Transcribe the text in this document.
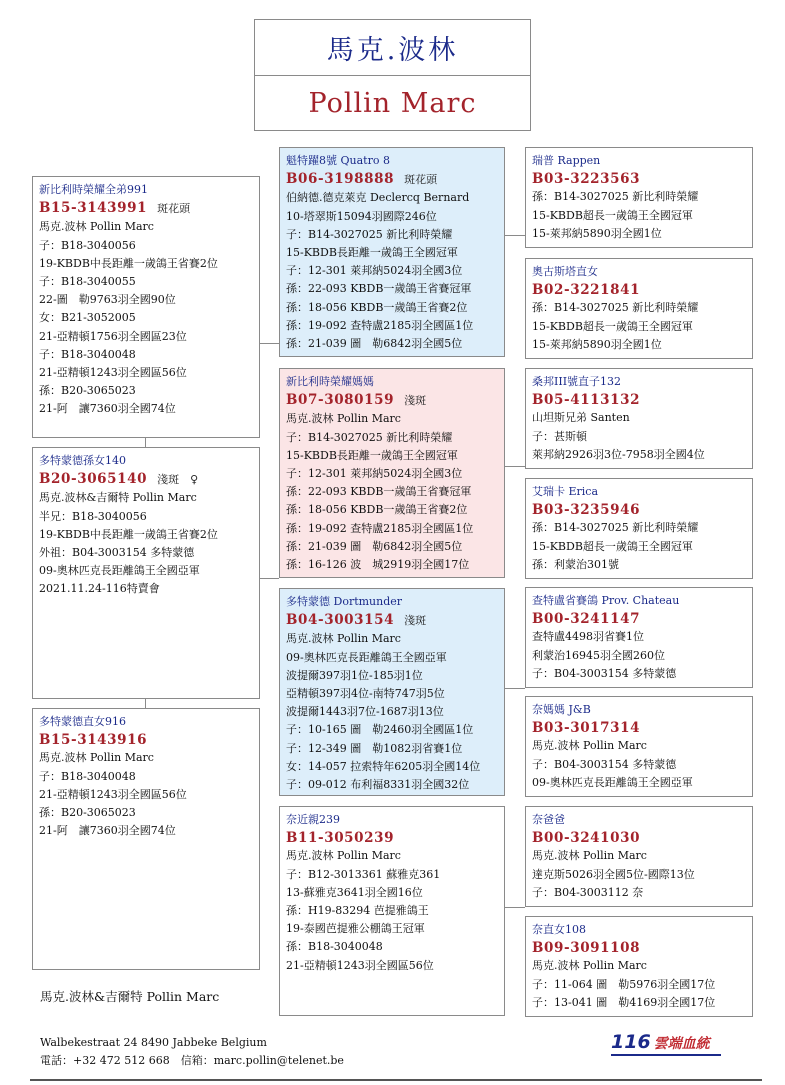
馬克.波林
Pollin Marc
新比利時榮耀全弟991
B15-3143991 斑花頭
馬克.波林 Pollin Marc
子：B18-3040056
19-KBDB中長距離一歲鴿王省賽2位
子：B18-3040055
22-圖　勒9763羽全國90位
女：B21-3052005
21-亞精頓1756羽全國區23位
子：B18-3040048
21-亞精頓1243羽全國區56位
孫：B20-3065023
21-阿　讓7360羽全國74位
多特蒙德孫女140
B20-3065140 淺斑　♀
馬克.波林&吉爾特 Pollin Marc
半兄：B18-3040056
19-KBDB中長距離一歲鴿王省賽2位
外祖：B04-3003154 多特蒙德
09-奧林匹克長距離鴿王全國亞軍
2021.11.24-116特賣會
多特蒙德直女916
B15-3143916
馬克.波林 Pollin Marc
子：B18-3040048
21-亞精頓1243羽全國區56位
孫：B20-3065023
21-阿　讓7360羽全國74位
魁特躍8號 Quatro 8
B06-3198888 斑花頭
伯納德.德克萊克 Declercq Bernard
10-塔翠斯15094羽國際246位
子：B14-3027025 新比利時榮耀
15-KBDB長距離一歲鴿王全國冠軍
子：12-301 萊邦納5024羽全國3位
孫：22-093 KBDB一歲鴿王省賽冠軍
孫：18-056 KBDB一歲鴿王省賽2位
孫：19-092 查特盧2185羽全國區1位
孫：21-039 圖　勒6842羽全國5位
新比利時榮耀媽媽
B07-3080159 淺斑
馬克.波林 Pollin Marc
子：B14-3027025 新比利時榮耀
15-KBDB長距離一歲鴿王全國冠軍
子：12-301 萊邦納5024羽全國3位
孫：22-093 KBDB一歲鴿王省賽冠軍
孫：18-056 KBDB一歲鴿王省賽2位
孫：19-092 查特盧2185羽全國區1位
孫：21-039 圖　勒6842羽全國5位
孫：16-126 波　城2919羽全國17位
多特蒙德 Dortmunder
B04-3003154 淺斑
馬克.波林 Pollin Marc
09-奧林匹克長距離鴿王全國亞軍
波提爾397羽1位-185羽1位
亞精頓397羽4位-南特747羽5位
波提爾1443羽7位-1687羽13位
子：10-165 圖　勒2460羽全國區1位
子：12-349 圖　勒1082羽省賽1位
女：14-057 拉索特年6205羽全國14位
子：09-012 布利福8331羽全國32位
奈近親239
B11-3050239
馬克.波林 Pollin Marc
子：B12-3013361 蘇雅克361
13-蘇雅克3641羽全國16位
孫：H19-83294 芭提雅鴿王
19-泰國芭提雅公棚鴿王冠軍
孫：B18-3040048
21-亞精頓1243羽全國區56位
瑞普 Rappen
B03-3223563
孫：B14-3027025 新比利時榮耀
15-KBDB超長一歲鴿王全國冠軍
15-萊邦納5890羽全國1位
奧古斯塔直女
B02-3221841
孫：B14-3027025 新比利時榮耀
15-KBDB超長一歲鴿王全國冠軍
15-萊邦納5890羽全國1位
桑邦III號直子132
B05-4113132
山坦斯兄弟 Santen
子：甚斯頓
萊邦納2926羽3位-7958羽全國4位
艾瑞卡 Erica
B03-3235946
孫：B14-3027025 新比利時榮耀
15-KBDB超長一歲鴿王全國冠軍
孫：利蒙治301號
查特盧省賽鴿 Prov. Chateau
B00-3241147
查特盧4498羽省賽1位
利蒙治16945羽全國260位
子：B04-3003154 多特蒙德
奈媽媽 J&B
B03-3017314
馬克.波林 Pollin Marc
子：B04-3003154 多特蒙德
09-奧林匹克長距離鴿王全國亞軍
奈爸爸
B00-3241030
馬克.波林 Pollin Marc
達克斯5026羽全國5位-國際13位
子：B04-3003112 奈
奈直女108
B09-3091108
馬克.波林 Pollin Marc
子：11-064 圖　勒5976羽全國17位
子：13-041 圖　勒4169羽全國17位
馬克.波林&吉爾特 Pollin Marc
Walbekestraat 24 8490 Jabbeke Belgium
電話：+32 472 512 668　信箱：marc.pollin@telenet.be
116 雲端血統
